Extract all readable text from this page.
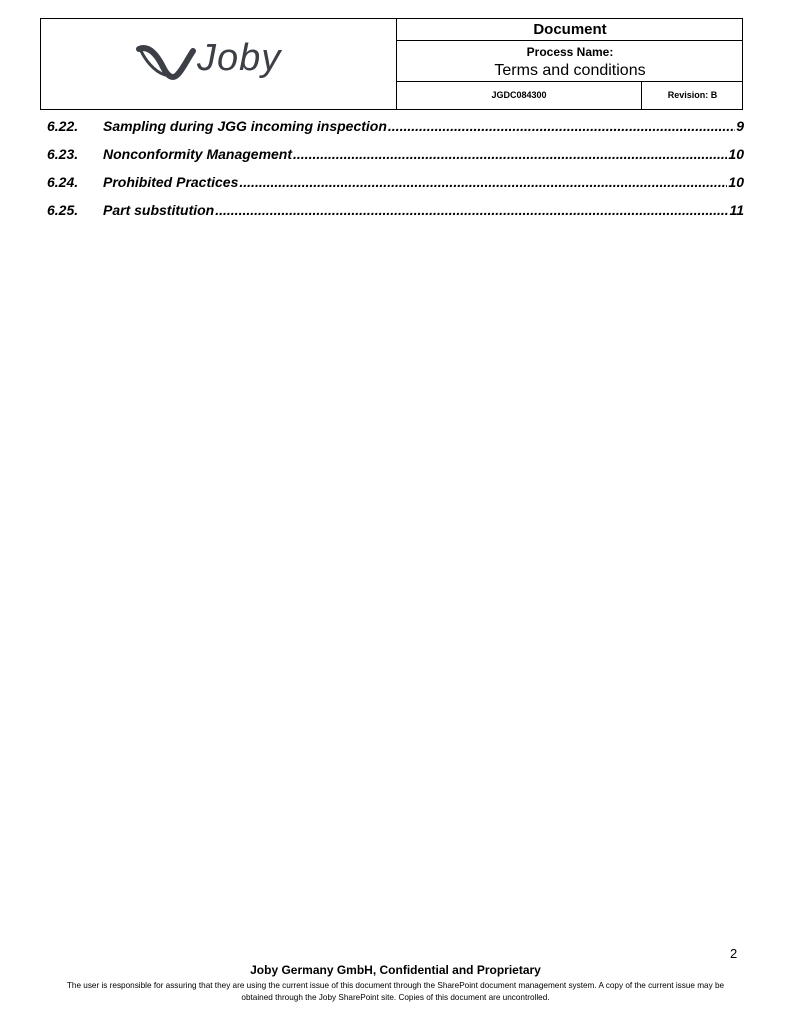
Joby
Document
Process Name:
Terms and conditions
JGDC084300	Revision: B
6.22.	Sampling during JGG incoming inspection .....	9
6.23.	Nonconformity Management .....	10
6.24.	Prohibited Practices .....	10
6.25.	Part substitution .....	11
2
Joby Germany GmbH, Confidential and Proprietary
The user is responsible for assuring that they are using the current issue of this document through the SharePoint document management system. A copy of the current issue may be obtained through the Joby SharePoint site. Copies of this document are uncontrolled.
